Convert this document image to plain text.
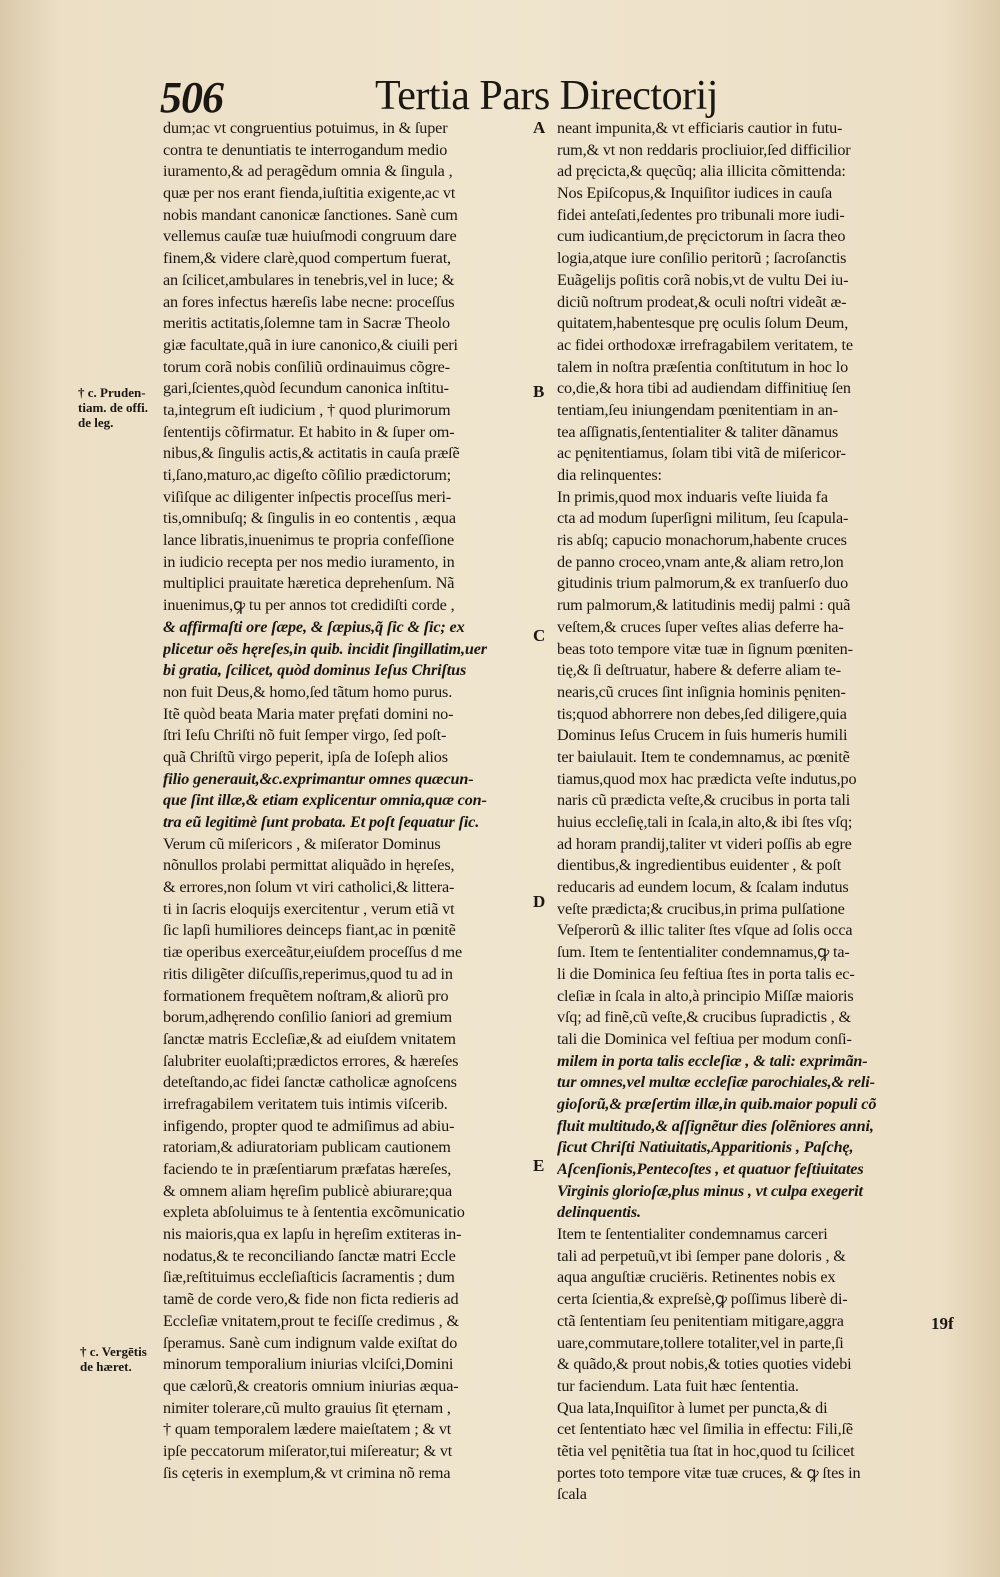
506	Tertia Pars Directorij
dum;ac vt congruentius potuimus, in & ſuper
contra te denuntiatis te interrogandum medio
iuramento,& ad peragẽdum omnia & ſingula ,
quæ per nos erant fienda,iuſtitia exigente,ac vt
nobis mandant canonicæ ſanctiones. Sanè cum
vellemus cauſæ tuæ huiuſmodi congruum dare
finem,& videre clarè,quod compertum fuerat,
an ſcilicet,ambulares in tenebris,vel in luce; &
an fores infectus hæreſis labe necne: proceſſus
meritis actitatis,ſolemne tam in Sacræ Theolo
giæ facultate,quã in iure canonico,& ciuili peri
torum corã nobis conſiliũ ordinauimus cõgre-
gari,ſcientes,quòd ſecundum canonica inſtitu-
ta,integrum eſt iudicium , † quod plurimorum
ſententijs cõfirmatur. Et habito in & ſuper om-
nibus,& ſingulis actis,& actitatis in cauſa præſẽ
ti,ſano,maturo,ac digeſto cõſilio prædictorum;
viſiſque ac diligenter inſpectis proceſſus meri-
tis,omnibuſq; & ſingulis in eo contentis , æqua
lance libratis,inuenimus te propria confeſſione
in iudicio recepta per nos medio iuramento, in
multiplici prauitate hæretica deprehenſum. Nã
inuenimus,ꝙ tu per annos tot credidiſti corde ,
& affirmaſti ore ſæpe, & ſæpius,q̃ ſic & ſic; ex
plicetur oẽs hęreſes,in quib. incidit ſingillatim,uer
bi gratia, ſcilicet, quòd dominus Ieſus Chriſtus
non fuit Deus,& homo,ſed tãtum homo purus.
Itẽ quòd beata Maria mater pręfati domini no-
ſtri Ieſu Chriſti nõ fuit ſemper virgo, ſed poſt-
quã Chriſtũ virgo peperit, ipſa de Ioſeph alios
filio generauit,&c.exprimantur omnes quæcun-
que ſint illæ,& etiam explicentur omnia,quæ con-
tra eũ legitimè ſunt probata. Et poſt ſequatur ſic.
Verum cũ miſericors , & miſerator Dominus
nõnullos prolabi permittat aliquãdo in hęreſes,
& errores,non ſolum vt viri catholici,& littera-
ti in ſacris eloquijs exercitentur , verum etiã vt
ſic lapſi humiliores deinceps fiant,ac in pœnitẽ
tiæ operibus exerceãtur,eiuſdem proceſſus d me
ritis diligẽter diſcuſſis,reperimus,quod tu ad in
formationem frequẽtem noſtram,& aliorũ pro
borum,adhęrendo conſilio ſaniori ad gremium
ſanctæ matris Eccleſiæ,& ad eiuſdem vnitatem
ſalubriter euolaſti;prædictos errores, & hæreſes
deteſtando,ac fidei ſanctæ catholicæ agnoſcens
irrefragabilem veritatem tuis intimis viſcerib.
infigendo, propter quod te admiſimus ad abiu-
ratoriam,& adiuratoriam publicam cautionem
faciendo te in præſentiarum præfatas hæreſes,
& omnem aliam hęreſim publicè abiurare;qua
expleta abſoluimus te à ſententia excõmunicatio
nis maioris,qua ex lapſu in hęreſim extiteras in-
nodatus,& te reconciliando ſanctæ matri Eccle
ſiæ,reſtituimus eccleſiaſticis ſacramentis ; dum
tamẽ de corde vero,& fide non ficta redieris ad
Eccleſiæ vnitatem,prout te feciſſe credimus , &
ſperamus. Sanè cum indignum valde exiſtat do
minorum temporalium iniurias vlciſci,Domini
que cælorũ,& creatoris omnium iniurias æqua-
nimiter tolerare,cũ multo grauius ſit ęternam ,
† quam temporalem lædere maieſtatem ; & vt
ipſe peccatorum miſerator,tui miſereatur; & vt
ſis cęteris in exemplum,& vt crimina nõ rema
neant impunita,& vt efficiaris cautior in futu-
rum,& vt non reddaris procliuior,ſed difficilior
ad pręcicta,& quęcũq; alia illicita cõmittenda:
Nos Epiſcopus,& Inquiſitor iudices in cauſa
fidei anteſati,ſedentes pro tribunali more iudi-
cum iudicantium,de pręcictorum in ſacra theo
logia,atque iure conſilio peritorũ ; ſacroſanctis
Euãgelijs poſitis corã nobis,vt de vultu Dei iu-
diciũ noſtrum prodeat,& oculi noſtri videãt æ-
quitatem,habentesque prę oculis ſolum Deum,
ac fidei orthodoxæ irrefragabilem veritatem, te
talem in noſtra præſentia conſtitutum in hoc lo
co,die,& hora tibi ad audiendam diffinitiuę ſen
tentiam,ſeu iniungendam pœnitentiam in an-
tea aſſignatis,ſententialiter & taliter dãnamus
ac pęnitentiamus, ſolam tibi vitã de miſericor-
dia relinquentes:
In primis,quod mox induaris veſte liuida fa
cta ad modum ſuperſigni militum, ſeu ſcapula-
ris abſq; capucio monachorum,habente cruces
de panno croceo,vnam ante,& aliam retro,lon
gitudinis trium palmorum,& ex tranſuerſo duo
rum palmorum,& latitudinis medij palmi : quã
veſtem,& cruces ſuper veſtes alias deferre ha-
beas toto tempore vitæ tuæ in ſignum pœniten-
tię,& ſi deſtruatur, habere & deferre aliam te-
nearis,cũ cruces ſint inſignia hominis pęniten-
tis;quod abhorrere non debes,ſed diligere,quia
Dominus Ieſus Crucem in ſuis humeris humili
ter baiulauit. Item te condemnamus, ac pœnitẽ
tiamus,quod mox hac prædicta veſte indutus,po
naris cũ prædicta veſte,& crucibus in porta tali
huius eccleſię,tali in ſcala,in alto,& ibi ſtes vſq;
ad horam prandij,taliter vt videri poſſis ab egre
dientibus,& ingredientibus euidenter , & poſt
reducaris ad eundem locum, & ſcalam indutus
veſte prædicta;& crucibus,in prima pulſatione
Veſperorũ & illic taliter ſtes vſque ad ſolis occa
ſum. Item te ſententialiter condemnamus,ꝙ ta-
li die Dominica ſeu feſtiua ſtes in porta talis ec-
cleſiæ in ſcala in alto,à principio Miſſæ maioris
vſq; ad finẽ,cũ veſte,& crucibus ſupradictis , &
tali die Dominica vel feſtiua per modum conſi-
milem in porta talis eccleſiæ , & tali: exprimãn-
tur omnes,vel multæ eccleſiæ parochiales,& reli-
gioſorũ,& præſertim illæ,in quib.maior populi cõ
fluit multitudo,& aſſignẽtur dies ſolẽniores anni,
ſicut Chriſti Natiuitatis,Apparitionis , Paſchę,
Aſcenſionis,Pentecoſtes , et quatuor feſtiuitates
Virginis glorioſæ,plus minus , vt culpa exegerit
delinquentis.
Item te ſententialiter condemnamus carceri
tali ad perpetuũ,vt ibi ſemper pane doloris , &
aqua anguſtiæ cruciëris. Retinentes nobis ex
certa ſcientia,& expreſsè,ꝙ poſſimus liberè di-
ctã ſententiam ſeu penitentiam mitigare,aggra
uare,commutare,tollere totaliter,vel in parte,ſi
& quãdo,& prout nobis,& toties quoties videbi
tur faciendum. Lata fuit hæc ſententia.
Qua lata,Inquiſitor à lumet per puncta,& di
cet ſententiato hæc vel ſimilia in effectu: Fili,ſẽ
tẽtia vel pęnitẽtia tua ſtat in hoc,quod tu ſcilicet
portes toto tempore vitæ tuæ cruces, & ꝙ ſtes in
ſcala
A
B
C
D
E
† c. Pruden-
tiam. de offi.
de leg.
† c. Vergētis
de hæret.
19f
